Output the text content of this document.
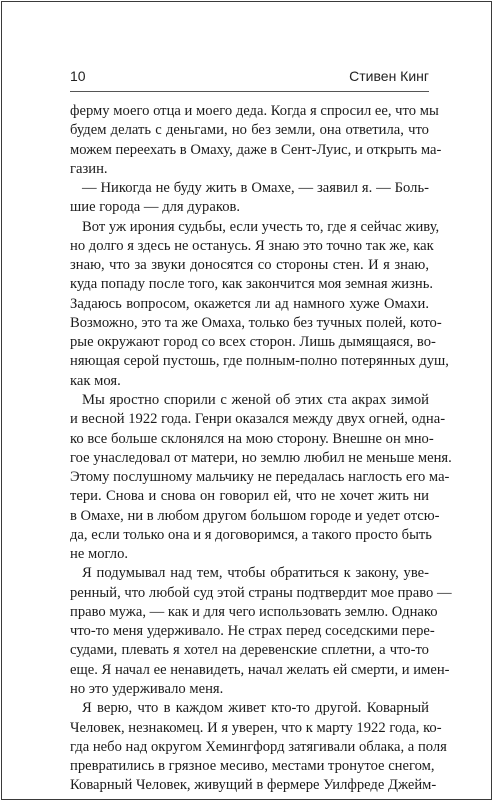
10	Стивен Кинг
ферму моего отца и моего деда. Когда я спросил ее, что мы
будем делать с деньгами, но без земли, она ответила, что
можем переехать в Омаху, даже в Сент-Луис, и открыть ма-
газин.
— Никогда не буду жить в Омахе, — заявил я. — Боль-
шие города — для дураков.
Вот уж ирония судьбы, если учесть то, где я сейчас живу,
но долго я здесь не останусь. Я знаю это точно так же, как
знаю, что за звуки доносятся со стороны стен. И я знаю,
куда попаду после того, как закончится моя земная жизнь.
Задаюсь вопросом, окажется ли ад намного хуже Омахи.
Возможно, это та же Омаха, только без тучных полей, кото-
рые окружают город со всех сторон. Лишь дымящаяся, во-
няющая серой пустошь, где полным-полно потерянных душ,
как моя.
Мы яростно спорили с женой об этих ста акрах зимой
и весной 1922 года. Генри оказался между двух огней, одна-
ко все больше склонялся на мою сторону. Внешне он мно-
гое унаследовал от матери, но землю любил не меньше меня.
Этому послушному мальчику не передалась наглость его ма-
тери. Снова и снова он говорил ей, что не хочет жить ни
в Омахе, ни в любом другом большом городе и уедет отсю-
да, если только она и я договоримся, а такого просто быть
не могло.
Я подумывал над тем, чтобы обратиться к закону, уве-
ренный, что любой суд этой страны подтвердит мое право —
право мужа, — как и для чего использовать землю. Однако
что-то меня удерживало. Не страх перед соседскими пере-
судами, плевать я хотел на деревенские сплетни, а что-то
еще. Я начал ее ненавидеть, начал желать ей смерти, и имен-
но это удерживало меня.
Я верю, что в каждом живет кто-то другой. Коварный
Человек, незнакомец. И я уверен, что к марту 1922 года, ко-
гда небо над округом Хемингфорд затягивали облака, а поля
превратились в грязное месиво, местами тронутое снегом,
Коварный Человек, живущий в фермере Уилфреде Джейм-
